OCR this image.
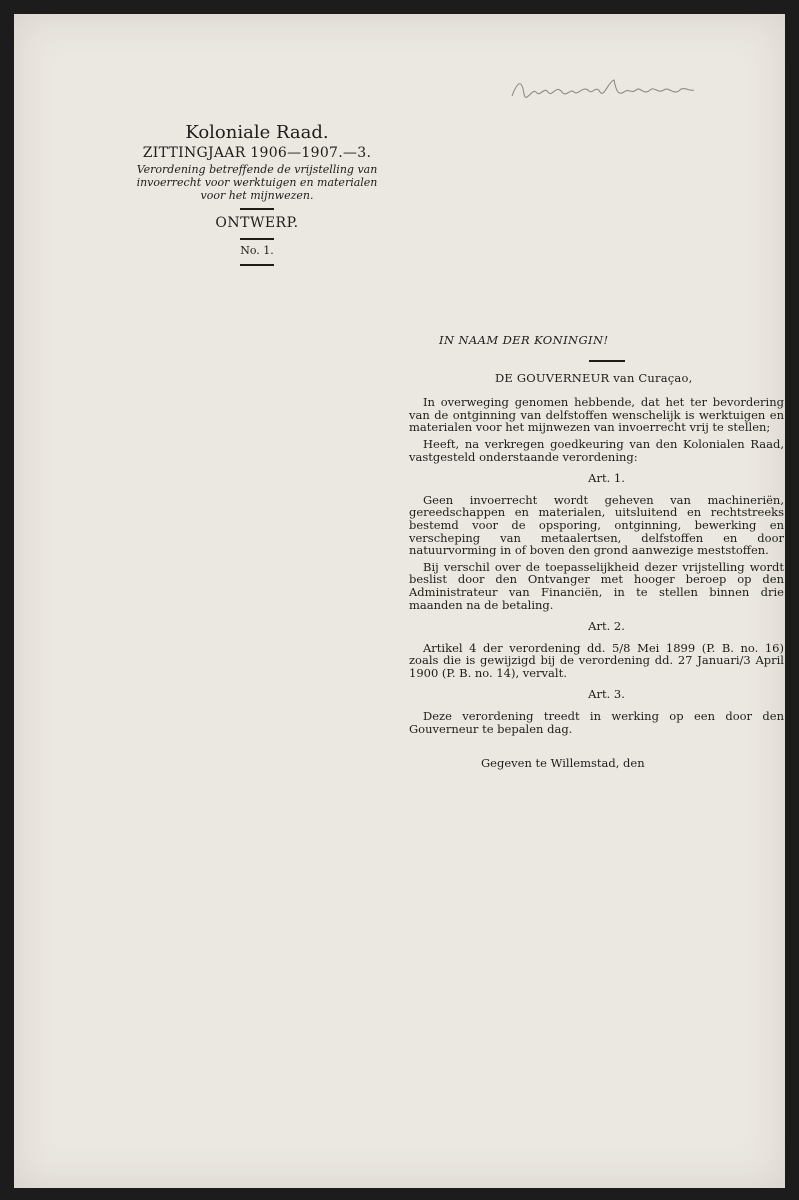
Koloniale Raad.
ZITTINGJAAR 1906—1907.—3.
Verordening betreffende de vrijstelling van invoerrecht voor werktuigen en materialen voor het mijnwezen.
ONTWERP.
No. 1.
IN NAAM DER KONINGIN!
DE GOUVERNEUR van Curaçao,

In overweging genomen hebbende, dat het ter bevordering van de ontginning van delfstoffen wenschelijk is werktuigen en materialen voor het mijnwezen van invoerrecht vrij te stellen;

Heeft, na verkregen goedkeuring van den Kolonialen Raad, vastgesteld onderstaande verordening:

Art. 1.

Geen invoerrecht wordt geheven van machineriën, gereedschappen en materialen, uitsluitend en rechtstreeks bestemd voor de opsporing, ontginning, bewerking en verscheping van metaalertsen, delfstoffen en door natuurvorming in of boven den grond aanwezige meststoffen.

Bij verschil over de toepasselijkheid dezer vrijstelling wordt beslist door den Ontvanger met hooger beroep op den Administrateur van Financiën, in te stellen binnen drie maanden na de betaling.

Art. 2.

Artikel 4 der verordening dd. 5/8 Mei 1899 (P. B. no. 16) zoals die is gewijzigd bij de verordening dd. 27 Januari/3 April 1900 (P. B. no. 14), vervalt.

Art. 3.

Deze verordening treedt in werking op een door den Gouverneur te bepalen dag.

Gegeven te Willemstad, den
